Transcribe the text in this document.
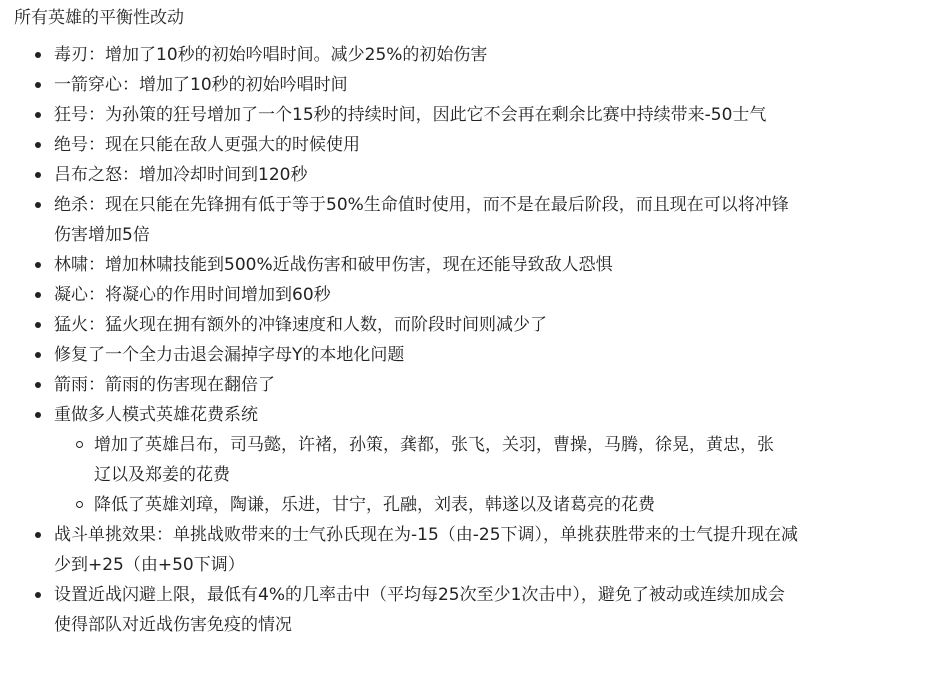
所有英雄的平衡性改动
毒刃：增加了10秒的初始吟唱时间。减少25%的初始伤害
一箭穿心：增加了10秒的初始吟唱时间
狂号：为孙策的狂号增加了一个15秒的持续时间，因此它不会再在剩余比赛中持续带来-50士气
绝号：现在只能在敌人更强大的时候使用
吕布之怒：增加冷却时间到120秒
绝杀：现在只能在先锋拥有低于等于50%生命值时使用，而不是在最后阶段，而且现在可以将冲锋伤害增加5倍
林啸：增加林啸技能到500%近战伤害和破甲伤害，现在还能导致敌人恐惧
凝心：将凝心的作用时间增加到60秒
猛火：猛火现在拥有额外的冲锋速度和人数，而阶段时间则减少了
修复了一个全力击退会漏掉字母Y的本地化问题
箭雨：箭雨的伤害现在翻倍了
重做多人模式英雄花费系统
增加了英雄吕布，司马懿，许褚，孙策，龚都，张飞，关羽，曹操，马腾，徐晃，黄忠，张辽以及郑姜的花费
降低了英雄刘璋，陶谦，乐进，甘宁，孔融，刘表，韩遂以及诸葛亮的花费
战斗单挑效果：单挑战败带来的士气孙氏现在为-15（由-25下调），单挑获胜带来的士气提升现在减少到+25（由+50下调）
设置近战闪避上限，最低有4%的几率击中（平均每25次至少1次击中），避免了被动或连续加成会使得部队对近战伤害免疫的情况
